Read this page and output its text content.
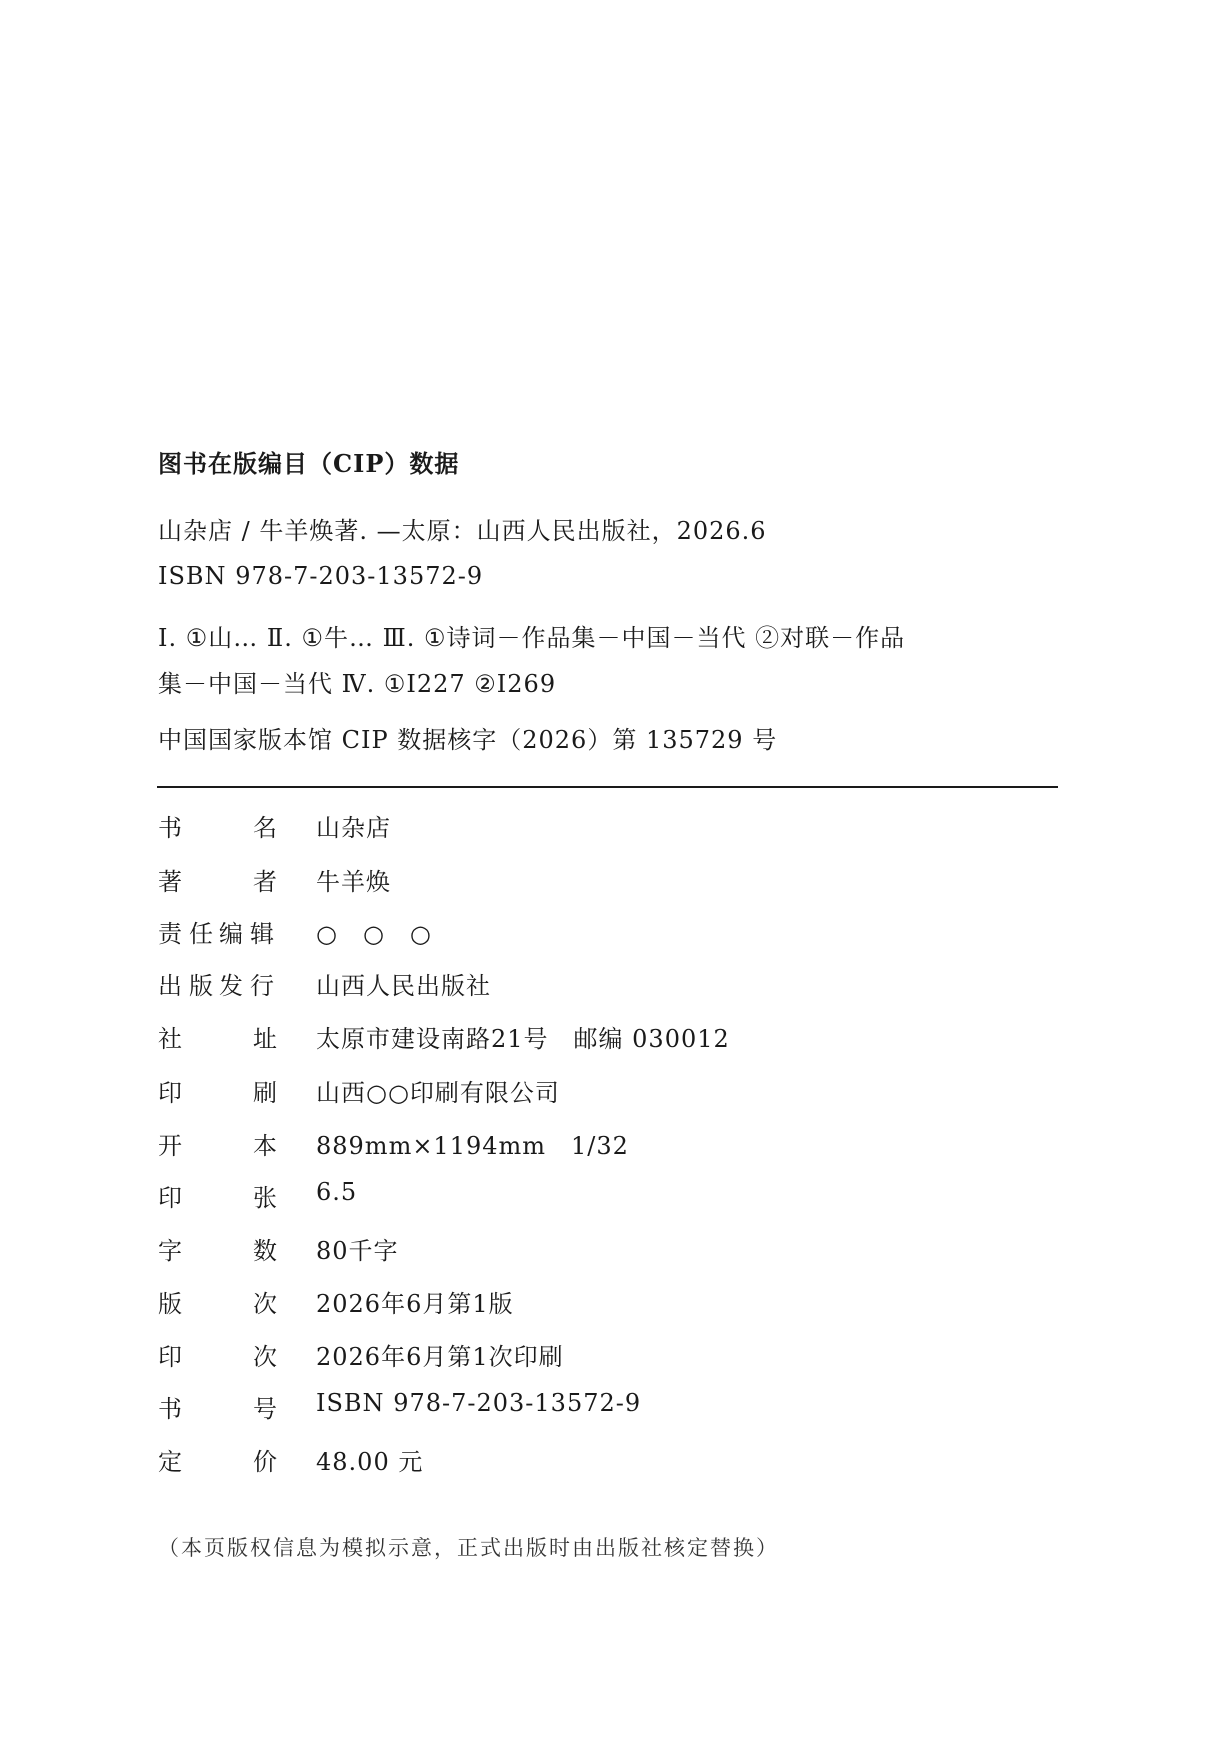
图书在版编目（CIP）数据
山杂店 / 牛羊焕著. —太原：山西人民出版社，2026.6
ISBN 978-7-203-13572-9
Ⅰ. ①山… Ⅱ. ①牛… Ⅲ. ①诗词－作品集－中国－当代 ②对联－作品
集－中国－当代 Ⅳ. ①I227 ②I269
中国国家版本馆 CIP 数据核字（2026）第 135729 号
书	名 山杂店
著	者 牛羊焕
责 任 编 辑 ○　○　○
出 版 发 行 山西人民出版社
社	址 太原市建设南路21号　邮编 030012
印	刷 山西○○印刷有限公司
开	本 889mm×1194mm　1/32
印	张 6.5
字	数 80千字
版	次 2026年6月第1版
印	次 2026年6月第1次印刷
书	号 ISBN 978-7-203-13572-9
定	价 48.00 元
（本页版权信息为模拟示意，正式出版时由出版社核定替换）
